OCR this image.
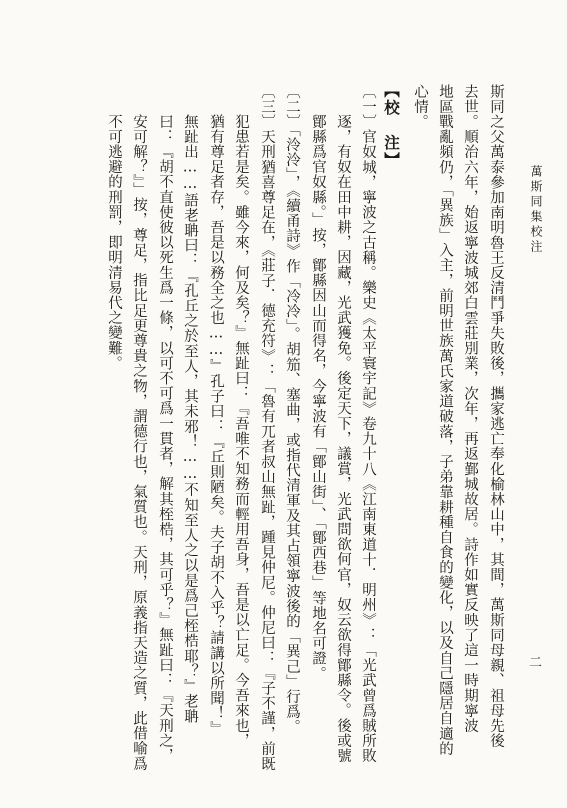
萬斯同集校注
二
斯同之父萬泰參加南明魯王反清鬥爭失敗後，攜家逃亡奉化榆林山中，其間，萬斯同母親、祖母先後
去世。順治六年，始返寧波城郊白雲莊別業，次年，再返鄞城故居。詩作如實反映了這一時期寧波
地區戰亂頻仍，「異族」入主，前明世族萬氏家道破落，子弟靠耕種自食的變化，以及自己隱居自適的
心情。
【校　注】
〔一〕官奴城，寧波之古稱。樂史《太平寰宇記》卷九十八《江南東道十．明州》：「光武曾爲賊所敗
逐，有奴在田中耕，因藏，光武獲免。後定天下，議賞，光武問欲何官，奴云欲得鄮縣令。後或號
鄮縣爲官奴縣。」按，鄮縣因山而得名，今寧波有「鄮山街」、「鄮西巷」等地名可證。
〔二〕「泠泠」，《續甬詩》作「冷冷」。胡笳、塞曲，或指代清軍及其占領寧波後的「異己」行爲。
〔三〕天刑猶喜尊足在，《莊子．德充符》：「魯有兀者叔山無趾，踵見仲尼。仲尼曰：『子不謹，前既
犯患若是矣。雖今來，何及矣？』無趾曰：『吾唯不知務而輕用吾身，吾是以亡足。今吾來也，
猶有尊足者存，吾是以務全之也……』孔子曰：『丘則陋矣。夫子胡不入乎？請講以所聞！』
無趾出……語老聃曰：『孔丘之於至人，其未邪！……不知至人之以是爲己桎梏耶？』老聃
曰：『胡不直使彼以死生爲一條，以可不可爲一貫者，解其桎梏，其可乎？』無趾曰：『天刑之，
安可解？』」按，尊足，指比足更尊貴之物，謂德行也，氣質也。天刑，原義指天造之質，此借喻爲
不可逃避的刑罰，即明清易代之變難。
